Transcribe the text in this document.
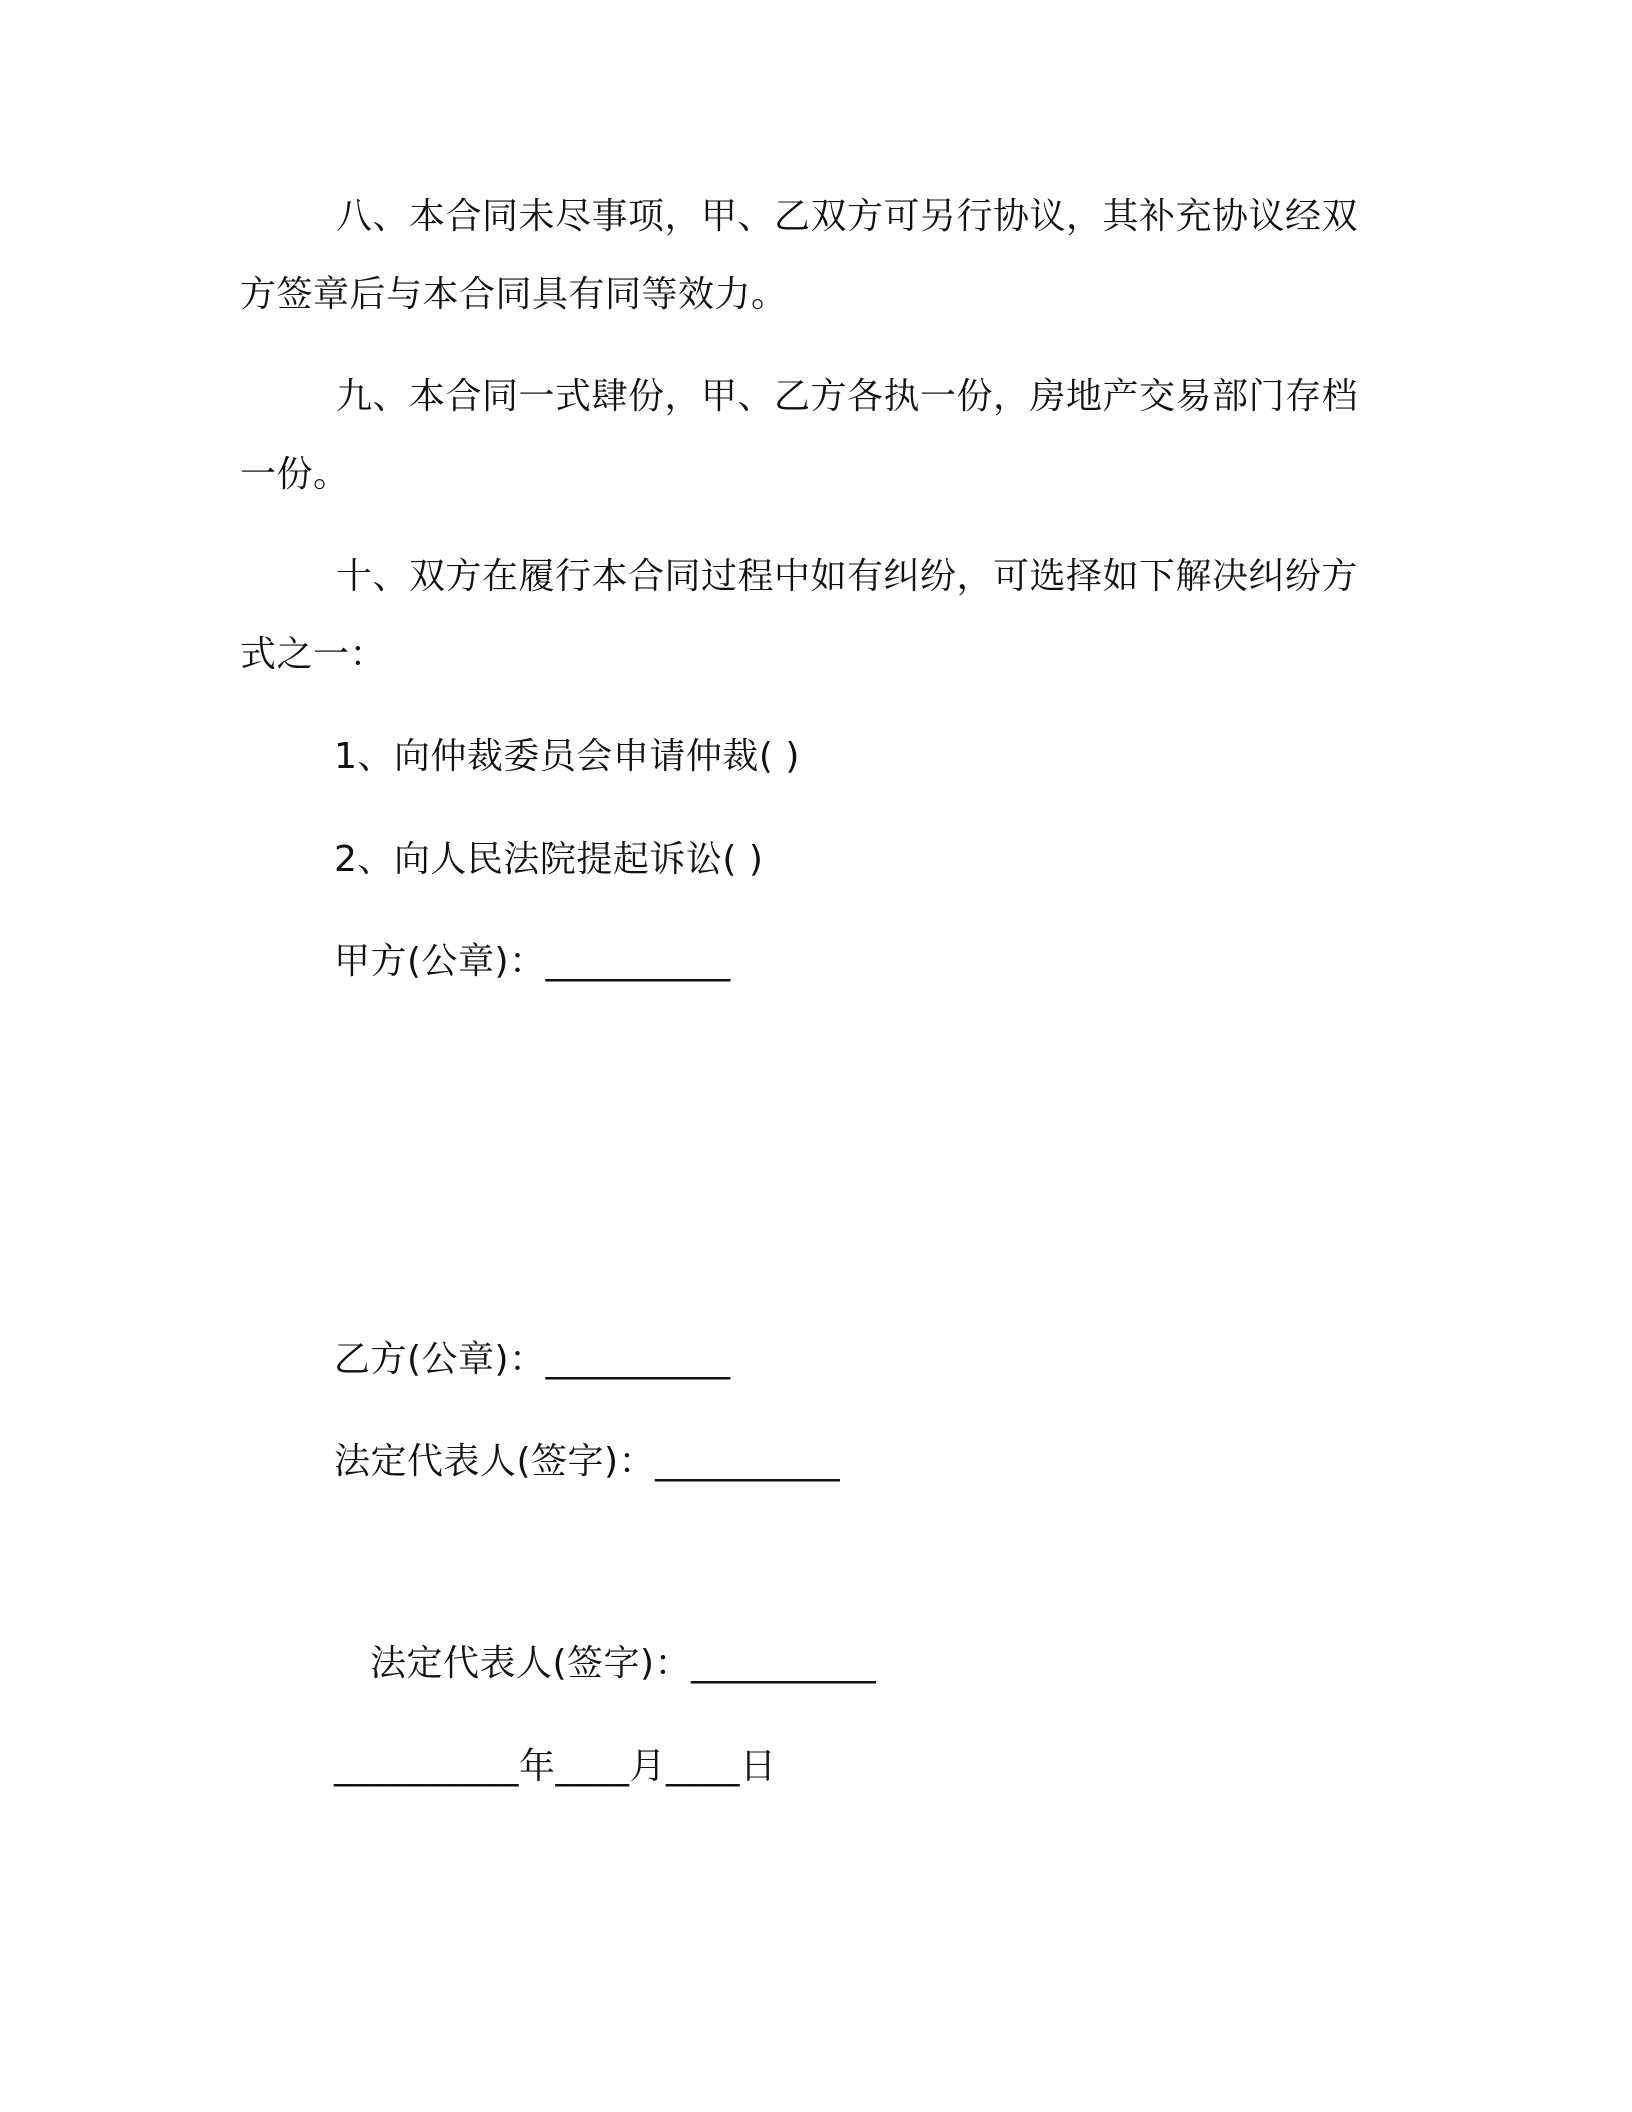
八、本合同未尽事项，甲、乙双方可另行协议，其补充协议经双方签章后与本合同具有同等效力。
九、本合同一式肆份，甲、乙方各执一份，房地产交易部门存档一份。
十、双方在履行本合同过程中如有纠纷，可选择如下解决纠纷方式之一：
1、向仲裁委员会申请仲裁( )
2、向人民法院提起诉讼( )
甲方(公章)：__________
乙方(公章)：__________
法定代表人(签字)：__________
法定代表人(签字)：__________
__________年____月____日
